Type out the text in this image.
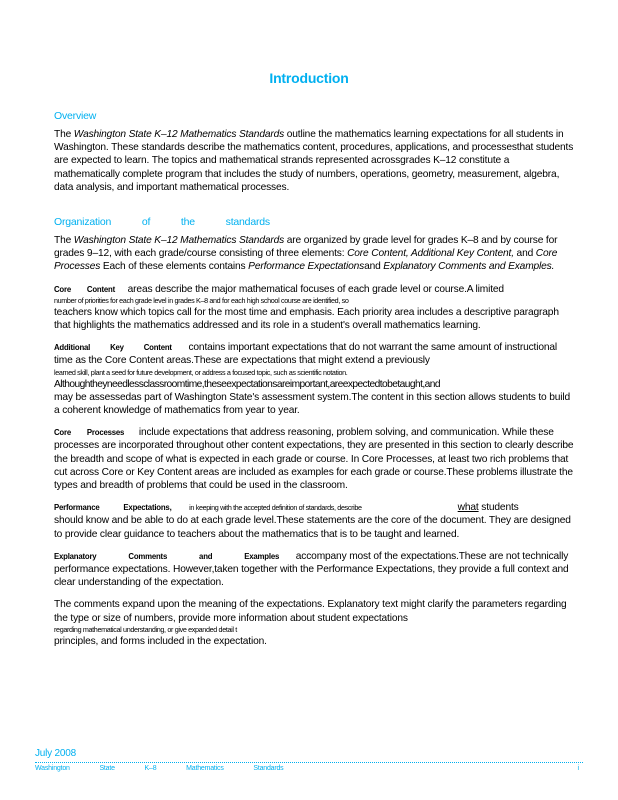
Introduction
Overview

The Washington State K–12 Mathematics Standards outline the mathematics learning expectations for all students in Washington. These standards describe the mathematics content, procedures, applications, and processesthat students are expected to learn. The topics and mathematical strands represented acrossgrades K–12 constitute a mathematically complete program that includes the study of numbers, operations, geometry, measurement, algebra, data analysis, and important mathematical processes.

Organization of the standards

The Washington State K–12 Mathematics Standards are organized by grade level for grades K–8 and by course for grades 9–12, with each grade/course consisting of three elements: Core Content, Additional Key Content, and Core Processes Each of these elements contains Performance Expectationsand Explanatory Comments and Examples.

Core Content areas describe the major mathematical focuses of each grade level or course.A limited
number of priorities for each grade level in grades K–8 and for each high school course are identified, so
teachers know which topics call for the most time and emphasis. Each priority area includes a descriptive paragraph that highlights the mathematics addressed and its role in a student's overall mathematics learning.

Additional Key Content contains important expectations that do not warrant the same amount of instructional time as the Core Content areas.These are expectations that might extend a previously
learned skill, plant a seed for future development, or address a focused topic, such as scientific notation.
Althoughtheyneedlessclassroomtime,theseexpectationsareimportant,areexpectedtobetaught,and
may be assessedas part of Washington State's assessment system.The content in this section allows students to build a coherent knowledge of mathematics from year to year.

Core Processes include expectations that address reasoning, problem solving, and communication. While these processes are incorporated throughout other content expectations, they are presented in this section to clearly describe the breadth and scope of what is expected in each grade or course. In Core Processes, at least two rich problems that cut across Core or Key Content areas are included as examples for each grade or course.These problems illustrate the types and breadth of problems that could be used in the classroom.

Performance Expectations, in keeping with the accepted definition of standards, describe	what students
should know and be able to do at each grade level.These statements are the core of the document. They are designed to provide clear guidance to teachers about the mathematics that is to be taught and learned.

Explanatory Comments and Examples accompany most of the expectations.These are not technically performance expectations. However,taken together with the Performance Expectations, they provide a full context and clear understanding of the expectation.

The comments expand upon the meaning of the expectations. Explanatory text might clarify the parameters regarding the type or size of numbers, provide more information about student expectations
regarding mathematical understanding, or give expanded detail t
principles, and forms included in the expectation.

July 2008
Washington State K–8 Mathematics Standards	i
